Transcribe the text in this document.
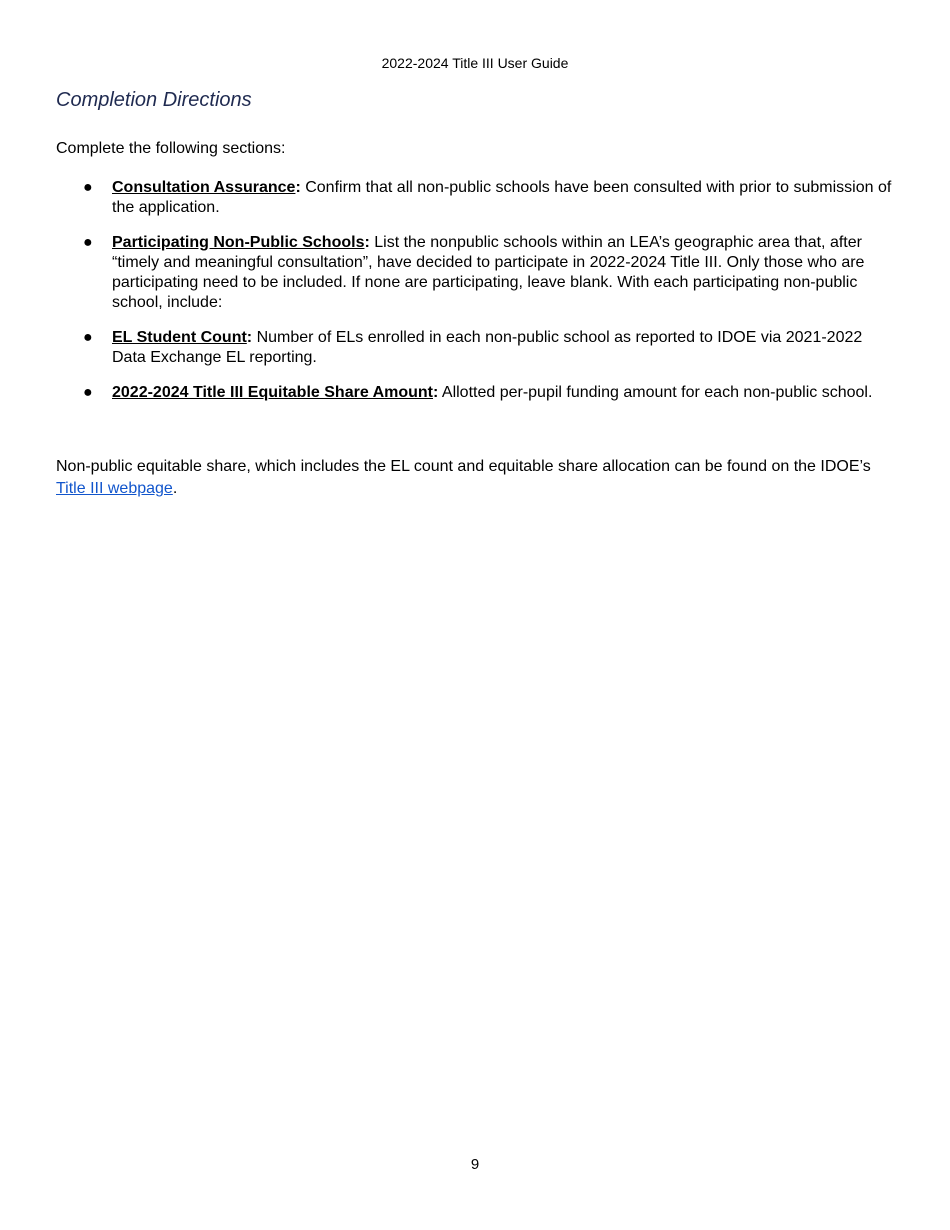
2022-2024 Title III User Guide
Completion Directions

Complete the following sections:

● Consultation Assurance: Confirm that all non-public schools have been consulted with prior to submission of the application.
● Participating Non-Public Schools: List the nonpublic schools within an LEA’s geographic area that, after “timely and meaningful consultation”, have decided to participate in 2022-2024 Title III. Only those who are participating need to be included. If none are participating, leave blank. With each participating non-public school, include:
● EL Student Count: Number of ELs enrolled in each non-public school as reported to IDOE via 2021-2022 Data Exchange EL reporting.
● 2022-2024 Title III Equitable Share Amount: Allotted per-pupil funding amount for each non-public school.

Non-public equitable share, which includes the EL count and equitable share allocation can be found on the IDOE’s Title III webpage.

9
